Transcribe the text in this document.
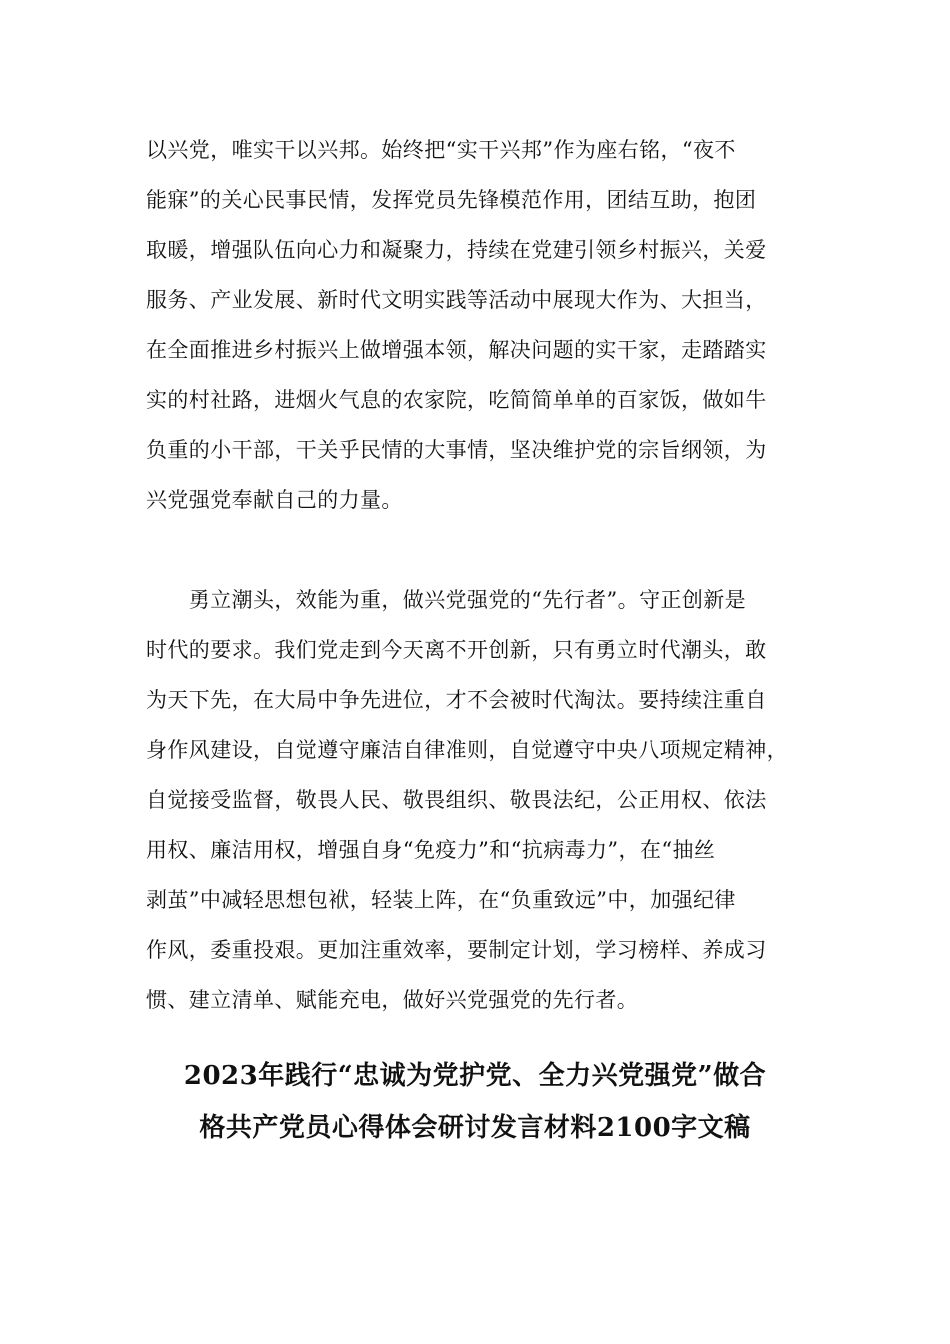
以兴党，唯实干以兴邦。始终把“实干兴邦”作为座右铭，“夜不
能寐”的关心民事民情，发挥党员先锋模范作用，团结互助，抱团
取暖，增强队伍向心力和凝聚力，持续在党建引领乡村振兴，关爱
服务、产业发展、新时代文明实践等活动中展现大作为、大担当，
在全面推进乡村振兴上做增强本领，解决问题的实干家，走踏踏实
实的村社路，进烟火气息的农家院，吃简简单单的百家饭，做如牛
负重的小干部，干关乎民情的大事情，坚决维护党的宗旨纲领，为
兴党强党奉献自己的力量。
　　勇立潮头，效能为重，做兴党强党的“先行者”。守正创新是
时代的要求。我们党走到今天离不开创新，只有勇立时代潮头，敢
为天下先，在大局中争先进位，才不会被时代淘汰。要持续注重自
身作风建设，自觉遵守廉洁自律准则，自觉遵守中央八项规定精神，
自觉接受监督，敬畏人民、敬畏组织、敬畏法纪，公正用权、依法
用权、廉洁用权，增强自身“免疫力”和“抗病毒力”，在“抽丝
剥茧”中减轻思想包袱，轻装上阵，在“负重致远”中，加强纪律
作风，委重投艰。更加注重效率，要制定计划，学习榜样、养成习
惯、建立清单、赋能充电，做好兴党强党的先行者。
2023年践行“忠诚为党护党、全力兴党强党”做合
格共产党员心得体会研讨发言材料2100字文稿
